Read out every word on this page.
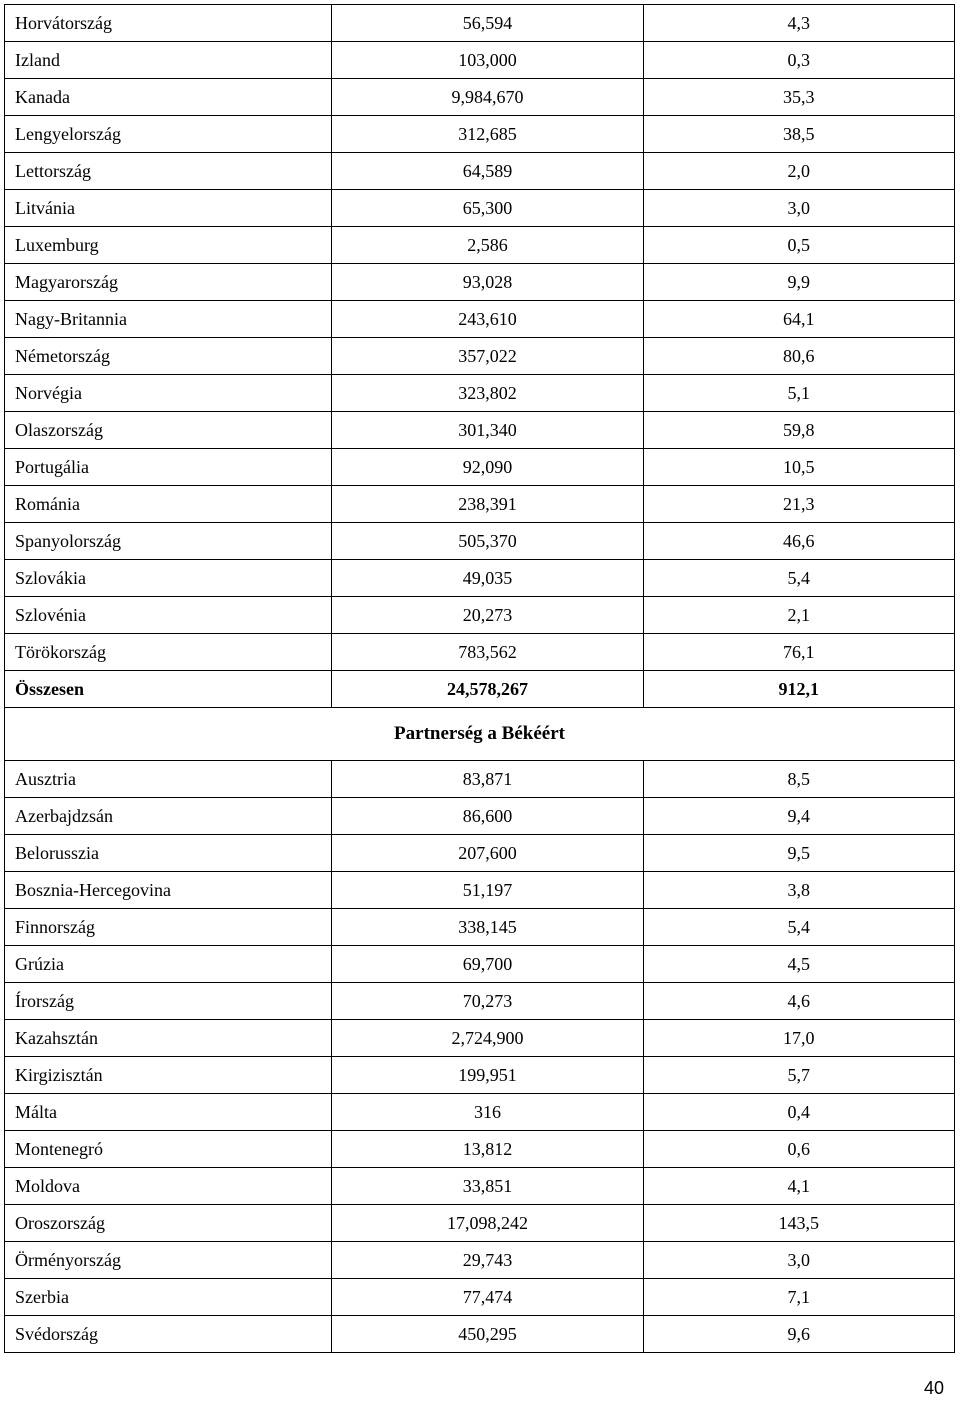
Horvátország	56,594	4,3
Izland	103,000	0,3
Kanada	9,984,670	35,3
Lengyelország	312,685	38,5
Lettország	64,589	2,0
Litvánia	65,300	3,0
Luxemburg	2,586	0,5
Magyarország	93,028	9,9
Nagy-Britannia	243,610	64,1
Németország	357,022	80,6
Norvégia	323,802	5,1
Olaszország	301,340	59,8
Portugália	92,090	10,5
Románia	238,391	21,3
Spanyolország	505,370	46,6
Szlovákia	49,035	5,4
Szlovénia	20,273	2,1
Törökország	783,562	76,1
Összesen	24,578,267	912,1
Partnerség a Békéért		
Ausztria	83,871	8,5
Azerbajdzsán	86,600	9,4
Belorusszia	207,600	9,5
Bosznia-Hercegovina	51,197	3,8
Finnország	338,145	5,4
Grúzia	69,700	4,5
Írország	70,273	4,6
Kazahsztán	2,724,900	17,0
Kirgizisztán	199,951	5,7
Málta	316	0,4
Montenegró	13,812	0,6
Moldova	33,851	4,1
Oroszország	17,098,242	143,5
Örményország	29,743	3,0
Szerbia	77,474	7,1
Svédország	450,295	9,6
40
